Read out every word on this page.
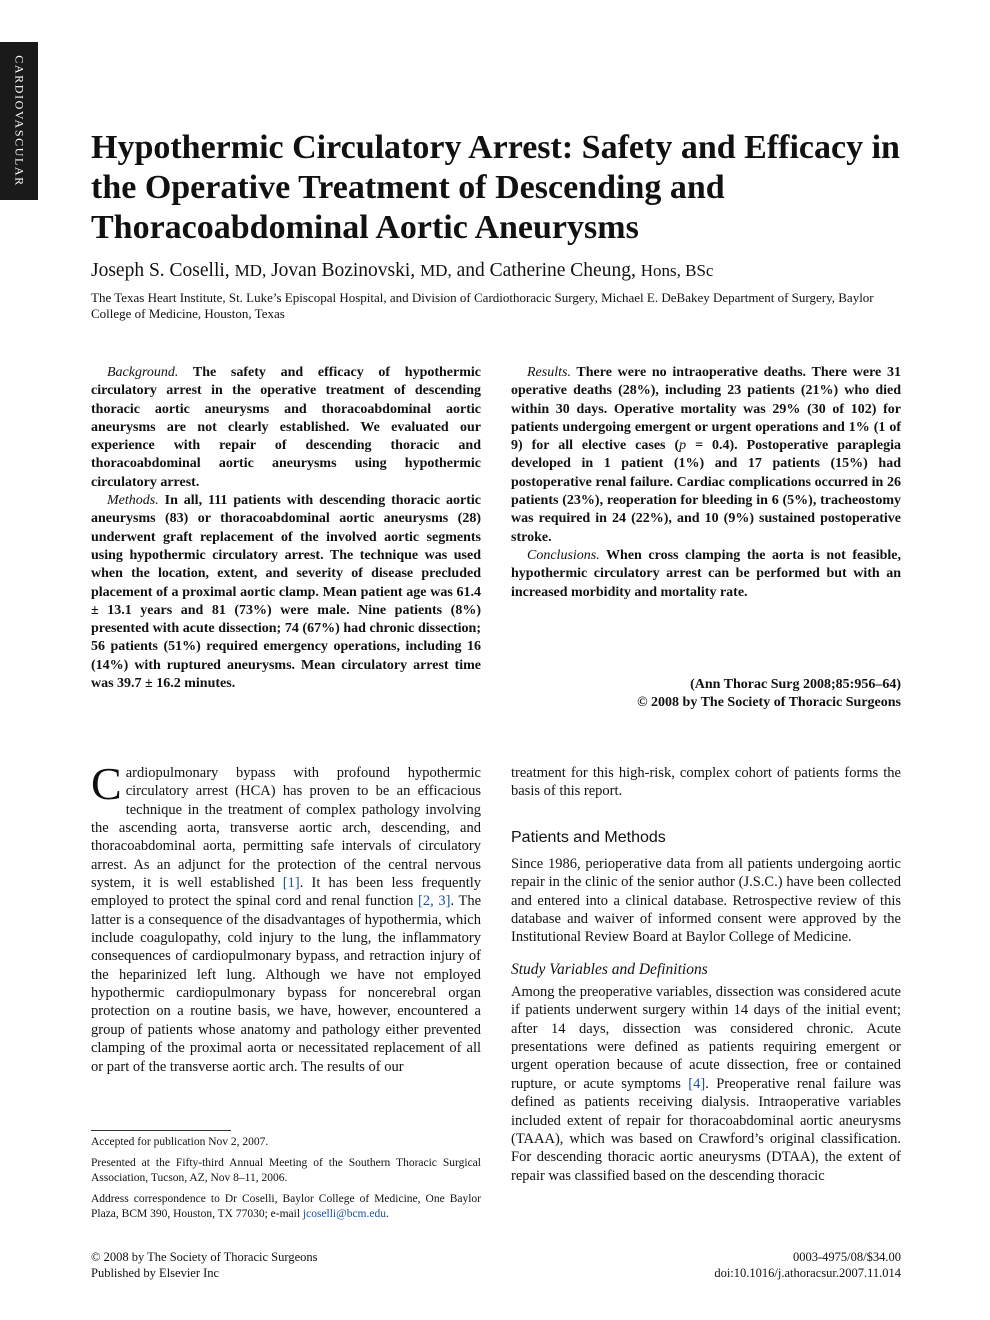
CARDIOVASCULAR Hypothermic Circulatory Arrest: Safety and Efficacy in the Operative Treatment of Descending and Thoracoabdominal Aortic Aneurysms
Joseph S. Coselli, MD, Jovan Bozinovski, MD, and Catherine Cheung, Hons, BSc
The Texas Heart Institute, St. Luke’s Episcopal Hospital, and Division of Cardiothoracic Surgery, Michael E. DeBakey Department of Surgery, Baylor College of Medicine, Houston, Texas

Background. The safety and efficacy of hypothermic circulatory arrest in the operative treatment of descending thoracic aortic aneurysms and thoracoabdominal aortic aneurysms are not clearly established. We evaluated our experience with repair of descending thoracic and thoracoabdominal aortic aneurysms using hypothermic circulatory arrest.

Methods. In all, 111 patients with descending thoracic aortic aneurysms (83) or thoracoabdominal aortic aneurysms (28) underwent graft replacement of the involved aortic segments using hypothermic circulatory arrest. The technique was used when the location, extent, and severity of disease precluded placement of a proximal aortic clamp. Mean patient age was 61.4 ± 13.1 years and 81 (73%) were male. Nine patients (8%) presented with acute dissection; 74 (67%) had chronic dissection; 56 patients (51%) required emergency operations, including 16 (14%) with ruptured aneurysms. Mean circulatory arrest time was 39.7 ± 16.2 minutes.

Results. There were no intraoperative deaths. There were 31 operative deaths (28%), including 23 patients (21%) who died within 30 days. Operative mortality was 29% (30 of 102) for patients undergoing emergent or urgent operations and 1% (1 of 9) for all elective cases (p = 0.4). Postoperative paraplegia developed in 1 patient (1%) and 17 patients (15%) had postoperative renal failure. Cardiac complications occurred in 26 patients (23%), reoperation for bleeding in 6 (5%), tracheostomy was required in 24 (22%), and 10 (9%) sustained postoperative stroke.

Conclusions. When cross clamping the aorta is not feasible, hypothermic circulatory arrest can be performed but with an increased morbidity and mortality rate.

(Ann Thorac Surg 2008;85:956–64)
© 2008 by The Society of Thoracic Surgeons

Cardiopulmonary bypass with profound hypothermic circulatory arrest (HCA) has proven to be an efficacious technique in the treatment of complex pathology involving the ascending aorta, transverse aortic arch, descending, and thoracoabdominal aorta, permitting safe intervals of circulatory arrest. As an adjunct for the protection of the central nervous system, it is well established [1]. It has been less frequently employed to protect the spinal cord and renal function [2, 3]. The latter is a consequence of the disadvantages of hypothermia, which include coagulopathy, cold injury to the lung, the inflammatory consequences of cardiopulmonary bypass, and retraction injury of the heparinized left lung. Although we have not employed hypothermic cardiopulmonary bypass for noncerebral organ protection on a routine basis, we have, however, encountered a group of patients whose anatomy and pathology either prevented clamping of the proximal aorta or necessitated replacement of all or part of the transverse aortic arch. The results of our

treatment for this high-risk, complex cohort of patients forms the basis of this report.

Patients and Methods

Since 1986, perioperative data from all patients undergoing aortic repair in the clinic of the senior author (J.S.C.) have been collected and entered into a clinical database. Retrospective review of this database and waiver of informed consent were approved by the Institutional Review Board at Baylor College of Medicine.

Study Variables and Definitions

Among the preoperative variables, dissection was considered acute if patients underwent surgery within 14 days of the initial event; after 14 days, dissection was considered chronic. Acute presentations were defined as patients requiring emergent or urgent operation because of acute dissection, free or contained rupture, or acute symptoms [4]. Preoperative renal failure was defined as patients receiving dialysis. Intraoperative variables included extent of repair for thoracoabdominal aortic aneurysms (TAAA), which was based on Crawford’s original classification. For descending thoracic aortic aneurysms (DTAA), the extent of repair was classified based on the descending thoracic

Accepted for publication Nov 2, 2007.

Presented at the Fifty-third Annual Meeting of the Southern Thoracic Surgical Association, Tucson, AZ, Nov 8–11, 2006.

Address correspondence to Dr Coselli, Baylor College of Medicine, One Baylor Plaza, BCM 390, Houston, TX 77030; e-mail jcoselli@bcm.edu.

© 2008 by The Society of Thoracic Surgeons
Published by Elsevier Inc
0003-4975/08/$34.00
doi:10.1016/j.athoracsur.2007.11.014
